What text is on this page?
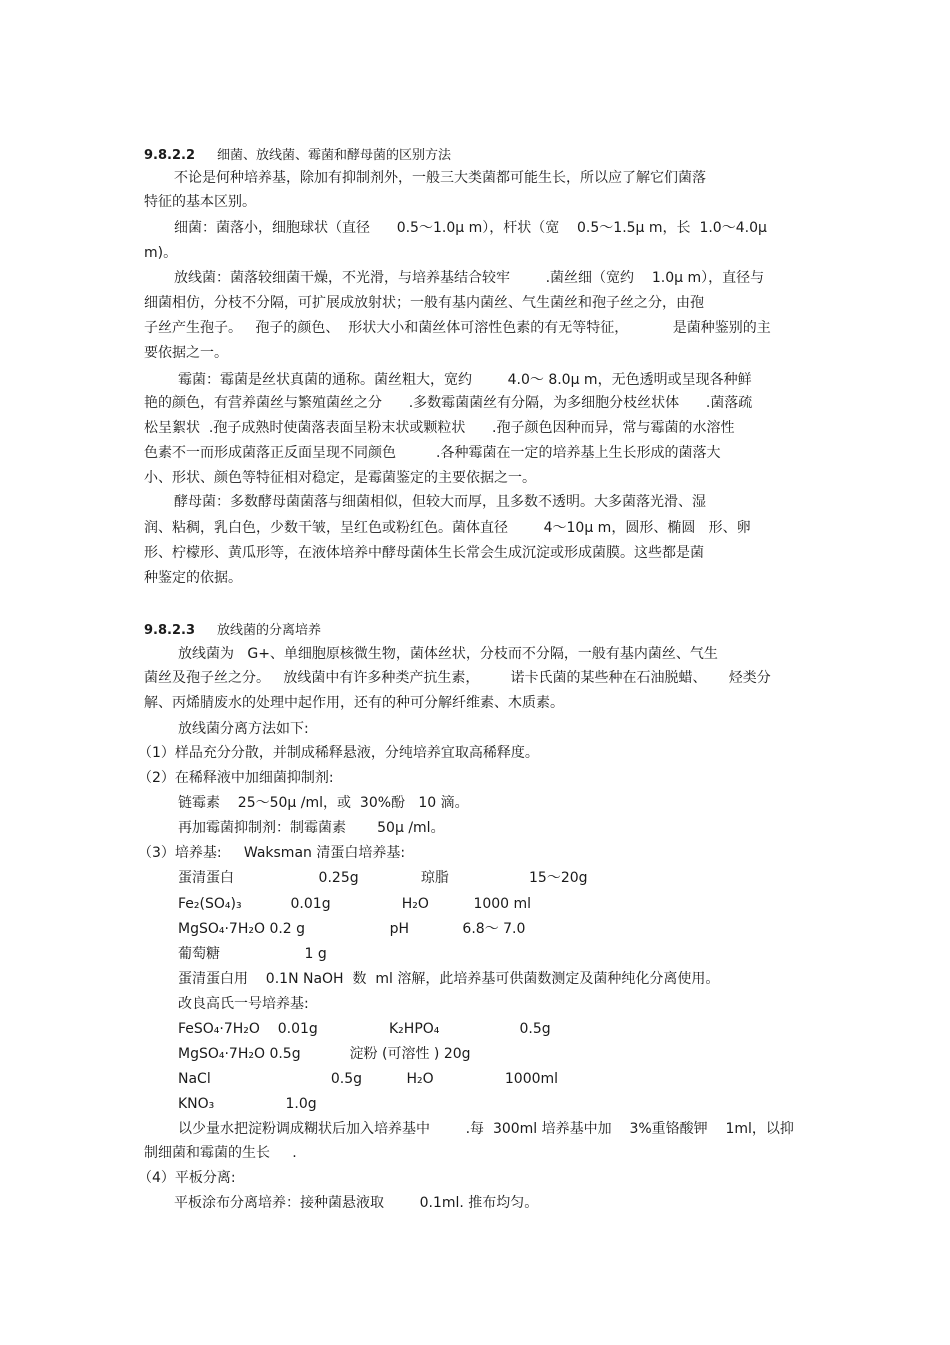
9.8.2.2 细菌、放线菌、霉菌和酵母菌的区别方法
不论是何种培养基，除加有抑制剂外，一般三大类菌都可能生长，所以应了解它们菌落
特征的基本区别。
细菌：菌落小，细胞球状（直径      0.5～1.0μ m），杆状（宽    0.5～1.5μ m，长  1.0～4.0μ
m)。
放线菌：菌落较细菌干燥，不光滑，与培养基结合较牢        .菌丝细（宽约    1.0μ m），直径与
细菌相仿，分枝不分隔，可扩展成放射状；一般有基内菌丝、气生菌丝和孢子丝之分，由孢
子丝产生孢子。   孢子的颜色、  形状大小和菌丝体可溶性色素的有无等特征，          是菌种鉴别的主
要依据之一。
霉菌：霉菌是丝状真菌的通称。菌丝粗大，宽约        4.0～ 8.0μ m，无色透明或呈现各种鲜
艳的颜色，有营养菌丝与繁殖菌丝之分      .多数霉菌菌丝有分隔，为多细胞分枝丝状体      .菌落疏
松呈絮状  .孢子成熟时使菌落表面呈粉末状或颗粒状      .孢子颜色因种而异，常与霉菌的水溶性
色素不一而形成菌落正反面呈现不同颜色         .各种霉菌在一定的培养基上生长形成的菌落大
小、形状、颜色等特征相对稳定，是霉菌鉴定的主要依据之一。
酵母菌：多数酵母菌菌落与细菌相似，但较大而厚，且多数不透明。大多菌落光滑、湿
润、粘稠，乳白色，少数干皱，呈红色或粉红色。菌体直径        4～10μ m，圆形、椭圆   形、卵
形、柠檬形、黄瓜形等，在液体培养中酵母菌体生长常会生成沉淀或形成菌膜。这些都是菌
种鉴定的依据。
9.8.2.3 放线菌的分离培养
放线菌为   G+、单细胞原核微生物，菌体丝状，分枝而不分隔，一般有基内菌丝、气生
菌丝及孢子丝之分。   放线菌中有许多种类产抗生素，       诺卡氏菌的某些种在石油脱蜡、     烃类分
解、丙烯腈废水的处理中起作用，还有的种可分解纤维素、木质素。
放线菌分离方法如下:
（1）样品充分分散，并制成稀释悬液，分纯培养宜取高稀释度。
（2）在稀释液中加细菌抑制剂:
链霉素    25～50μ /ml，或  30%酚   10 滴。
再加霉菌抑制剂：制霉菌素       50μ /ml。
（3）培养基:     Waksman 清蛋白培养基:
蛋清蛋白                   0.25g              琼脂                  15～20g
Fe₂(SO₄)₃           0.01g                H₂O          1000 ml
MgSO₄·7H₂O 0.2 g                   pH            6.8～ 7.0
葡萄糖                   1 g
蛋清蛋白用    0.1N NaOH  数  ml 溶解，此培养基可供菌数测定及菌种纯化分离使用。
改良高氏一号培养基:
FeSO₄·7H₂O    0.01g                K₂HPO₄                  0.5g
MgSO₄·7H₂O 0.5g           淀粉 (可溶性 ) 20g
NaCl                           0.5g          H₂O                1000ml
KNO₃                1.0g
以少量水把淀粉调成糊状后加入培养基中        .每  300ml 培养基中加    3%重铬酸钾    1ml，以抑
制细菌和霉菌的生长     .
（4）平板分离:
平板涂布分离培养：接种菌悬液取        0.1ml. 推布均匀。
